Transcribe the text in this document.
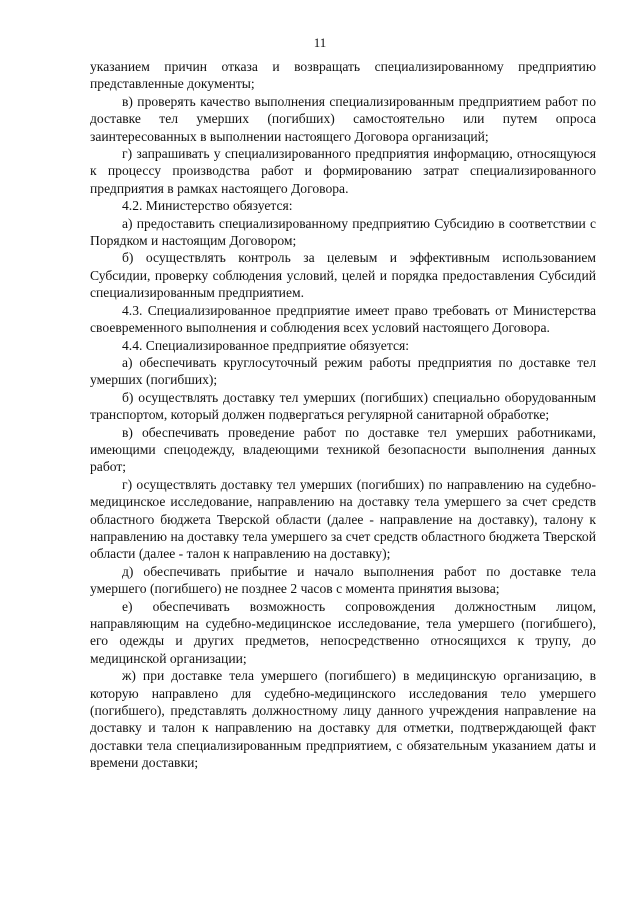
11

указанием причин отказа и возвращать специализированному предприятию представленные документы;

в) проверять качество выполнения специализированным предприятием работ по доставке тел умерших (погибших) самостоятельно или путем опроса заинтересованных в выполнении настоящего Договора организаций;

г) запрашивать у специализированного предприятия информацию, относящуюся к процессу производства работ и формированию затрат специализированного предприятия в рамках настоящего Договора.

4.2. Министерство обязуется:

а) предоставить специализированному предприятию Субсидию в соответствии с Порядком и настоящим Договором;

б) осуществлять контроль за целевым и эффективным использованием Субсидии, проверку соблюдения условий, целей и порядка предоставления Субсидий специализированным предприятием.

4.3. Специализированное предприятие имеет право требовать от Министерства своевременного выполнения и соблюдения всех условий настоящего Договора.

4.4. Специализированное предприятие обязуется:

а) обеспечивать круглосуточный режим работы предприятия по доставке тел умерших (погибших);

б) осуществлять доставку тел умерших (погибших) специально оборудованным транспортом, который должен подвергаться регулярной санитарной обработке;

в) обеспечивать проведение работ по доставке тел умерших работниками, имеющими спецодежду, владеющими техникой безопасности выполнения данных работ;

г) осуществлять доставку тел умерших (погибших) по направлению на судебно-медицинское исследование, направлению на доставку тела умершего за счет средств областного бюджета Тверской области (далее - направление на доставку), талону к направлению на доставку тела умершего за счет средств областного бюджета Тверской области (далее - талон к направлению на доставку);

д) обеспечивать прибытие и начало выполнения работ по доставке тела умершего (погибшего) не позднее 2 часов с момента принятия вызова;

е) обеспечивать возможность сопровождения должностным лицом, направляющим на судебно-медицинское исследование, тела умершего (погибшего), его одежды и других предметов, непосредственно относящихся к трупу, до медицинской организации;

ж) при доставке тела умершего (погибшего) в медицинскую организацию, в которую направлено для судебно-медицинского исследования тело умершего (погибшего), представлять должностному лицу данного учреждения направление на доставку и талон к направлению на доставку для отметки, подтверждающей факт доставки тела специализированным предприятием, с обязательным указанием даты и времени доставки;
